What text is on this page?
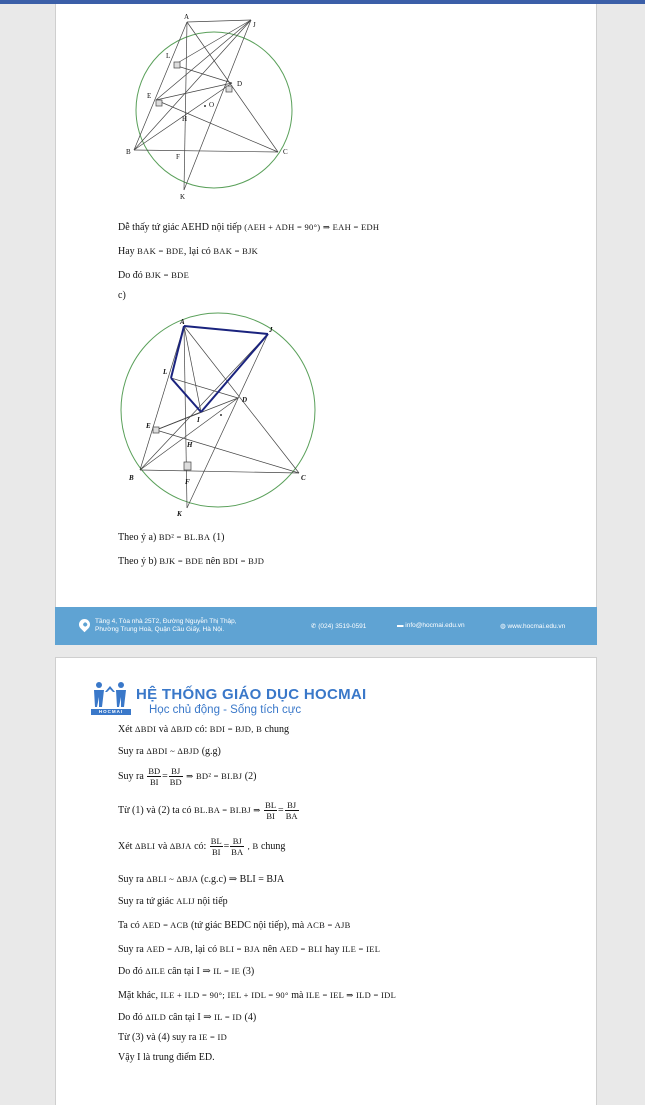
A
J
L
D
E
O
H
B
F
C
K
Dễ thấy tứ giác AEHD nội tiếp (AEH + ADH = 90°) ⇒ EAH = EDH
Hay BAK = BDE, lại có BAK = BJK
Do đó BJK = BDE
c)
A
J
L
D
E
I
H
B	F	C
K
Theo ý a) BD² = BL.BA (1)
Theo ý b) BJK = BDE nên BDI = BJD
Tầng 4, Tòa nhà 25T2, Đường Nguyễn Thị Thập,
Phường Trung Hoà, Quận Cầu Giấy, Hà Nội.	✆ (024) 3519-0591	▬ info@hocmai.edu.vn	◍ www.hocmai.edu.vn
HOCMAI
HỆ THỐNG GIÁO DỤC HOCMAI
Học chủ động - Sống tích cực
Xét ΔBDI và ΔBJD có: BDI = BJD, B chung
Suy ra ΔBDI ~ ΔBJD (g.g)
Suy ra $\frac{BD}{BI} = \frac{BJ}{BD}$ ⇒ BD² = BI.BJ (2)
Từ (1) và (2) ta có BL.BA = BI.BJ ⇒ $\frac{BL}{BI} = \frac{BJ}{BA}$
Xét ΔBLI và ΔBJA có: $\frac{BL}{BI} = \frac{BJ}{BA}$ , B chung
Suy ra ΔBLI ~ ΔBJA (c.g.c) ⇒ BLI = BJA
Suy ra tứ giác ALIJ nội tiếp
Ta có AED = ACB (tứ giác BEDC nội tiếp), mà ACB = AJB
Suy ra AED = AJB, lại có BLI = BJA nên AED = BLI hay ILE = IEL
Do đó ΔILE cân tại I ⇒ IL = IE (3)
Mặt khác, ILE + ILD = 90°; IEL + IDL = 90° mà ILE = IEL ⇒ ILD = IDL
Do đó ΔILD cân tại I ⇒ IL = ID (4)
Từ (3) và (4) suy ra IE = ID
Vậy I là trung điểm ED.
